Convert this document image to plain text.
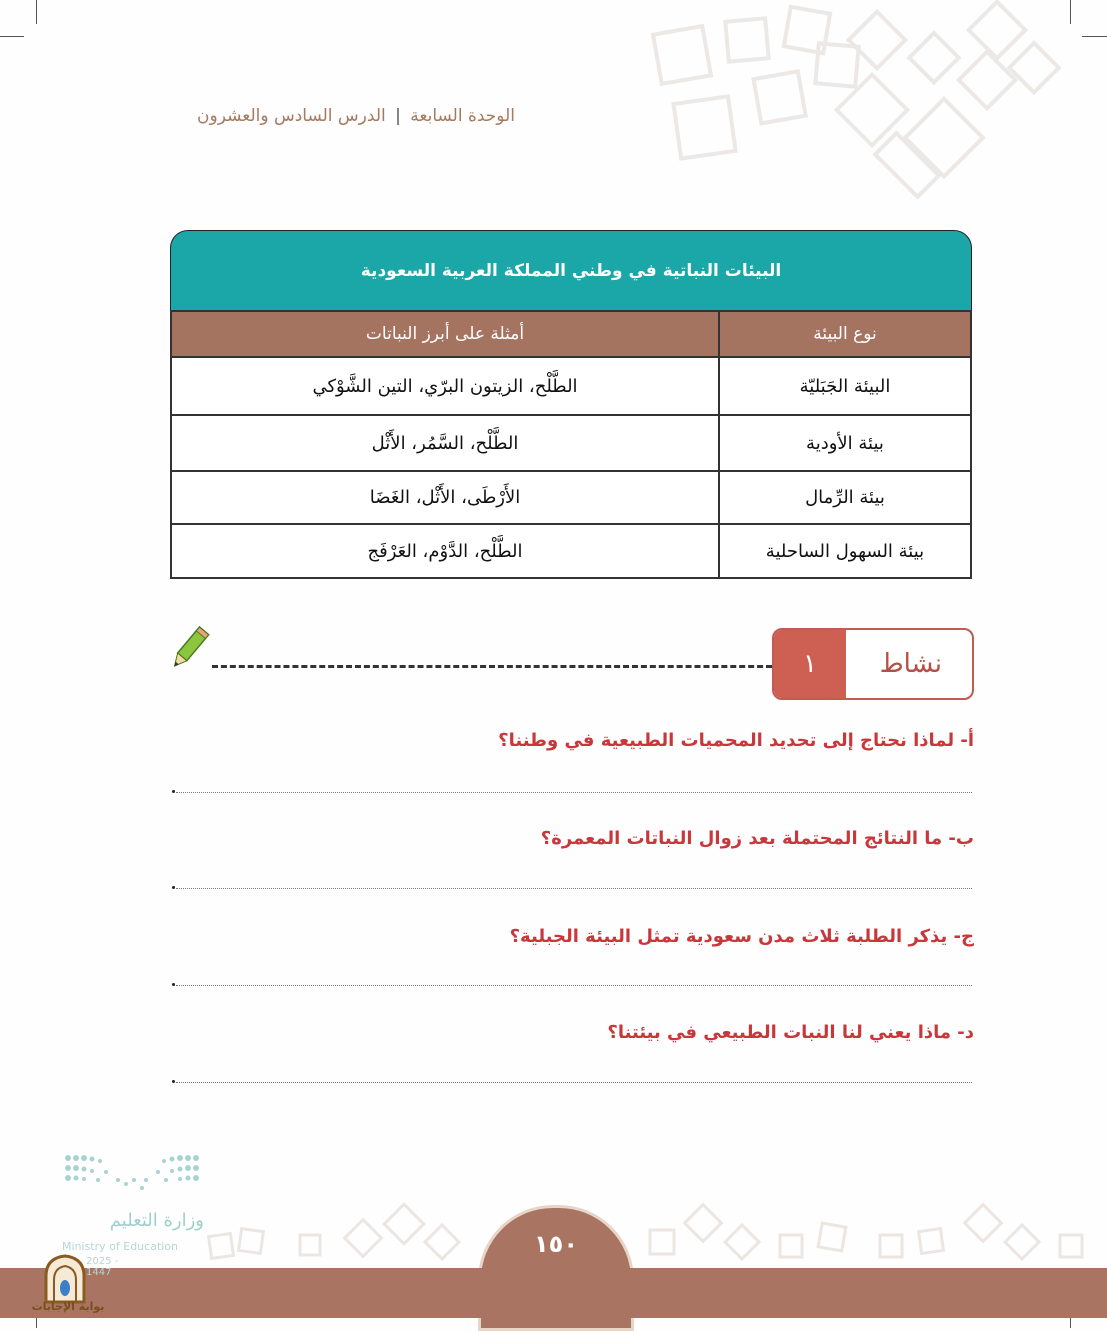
الوحدة السابعة | الدرس السادس والعشرون
البيئات النباتية في وطني المملكة العربية السعودية
نوع البيئة	أمثلة على أبرز النباتات
البيئة الجَبَليّة	الطَّلْح، الزيتون البرّي، التين الشَّوْكي
بيئة الأودية	الطَّلْح، السَّمُر، الأَثْل
بيئة الرِّمال	الأَرْطَى، الأَثْل، الغَضَا
بيئة السهول الساحلية	الطَّلْح، الدَّوْم، العَرْفَج
١	نشاط
أ- لماذا نحتاج إلى تحديد المحميات الطبيعية في وطننا؟
ب- ما النتائج المحتملة بعد زوال النباتات المعمرة؟
ج- يذكر الطلبة ثلاث مدن سعودية تمثل البيئة الجبلية؟
د- ماذا يعني لنا النبات الطبيعي في بيئتنا؟
١٥٠
وزارة التعليم
Ministry of Education
2025 - 1447
بوابة الإجابات
